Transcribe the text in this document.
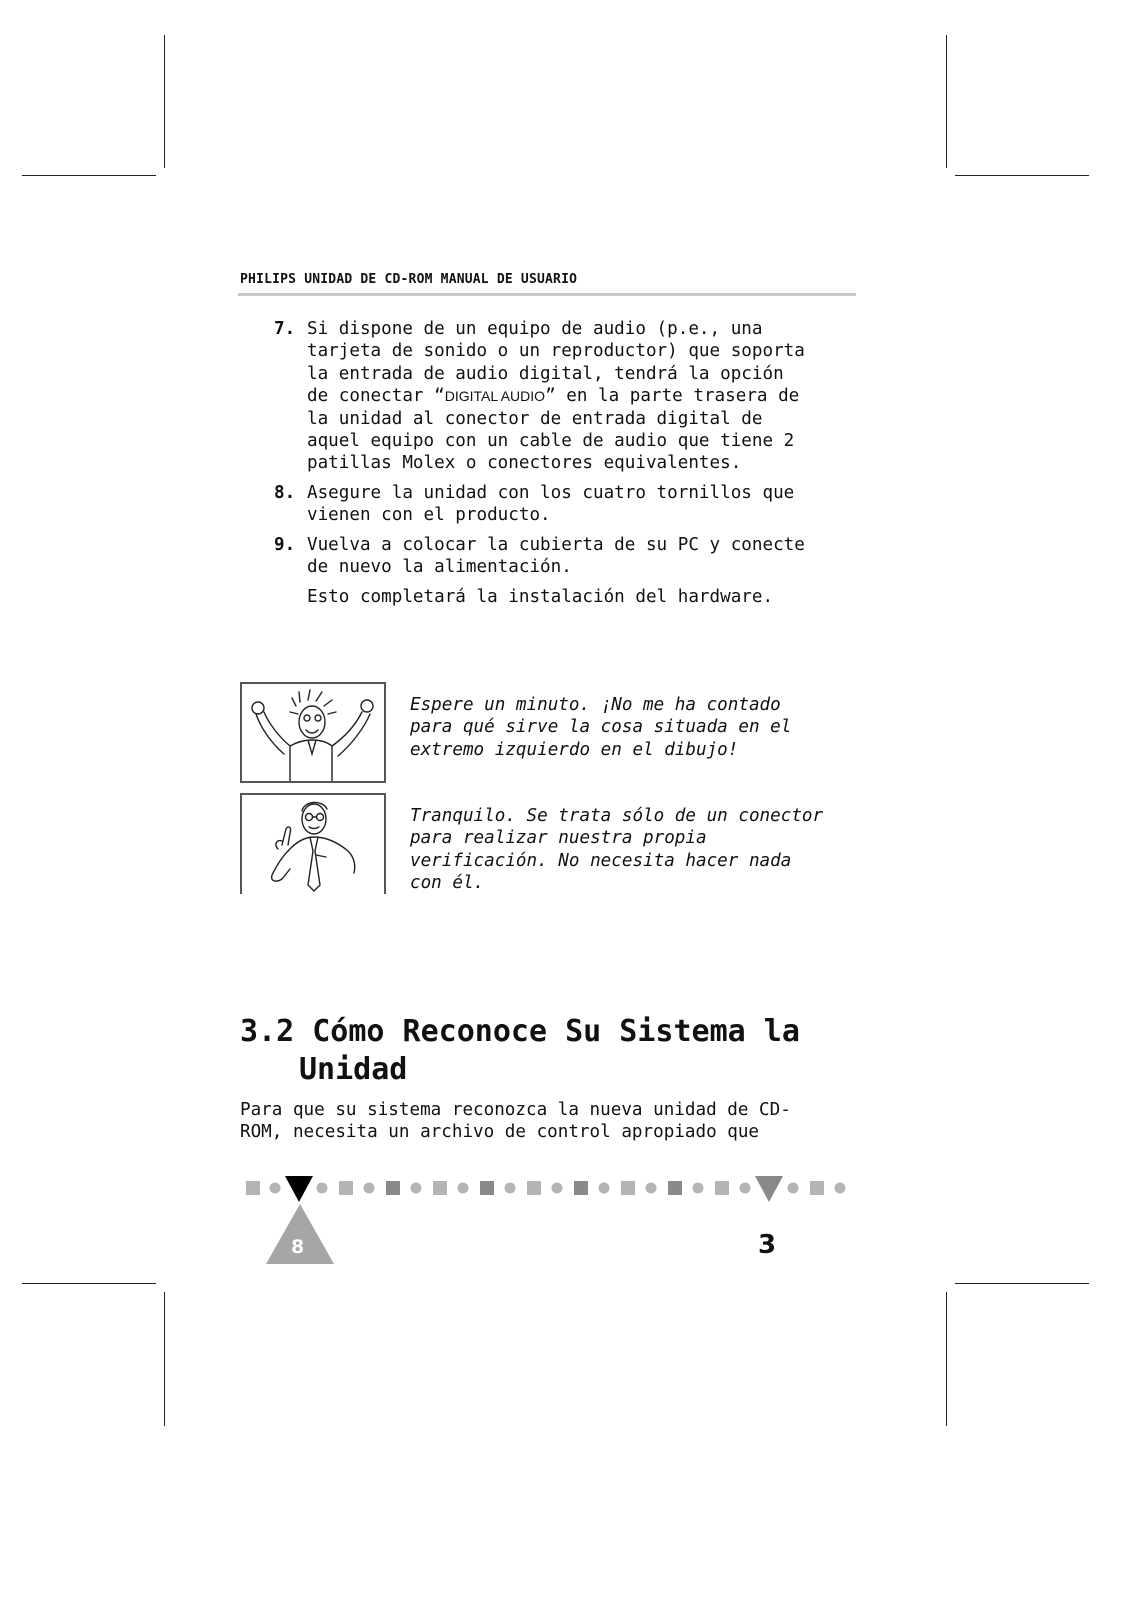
PHILIPS UNIDAD DE CD-ROM MANUAL DE USUARIO
7. Si dispone de un equipo de audio (p.e., una
tarjeta de sonido o un reproductor) que soporta
la entrada de audio digital, tendrá la opción
de conectar “DIGITAL AUDIO” en la parte trasera de
la unidad al conector de entrada digital de
aquel equipo con un cable de audio que tiene 2
patillas Molex o conectores equivalentes.
8. Asegure la unidad con los cuatro tornillos que
vienen con el producto.
9. Vuelva a colocar la cubierta de su PC y conecte
de nuevo la alimentación.
Esto completará la instalación del hardware.
Espere un minuto. ¡No me ha contado
para qué sirve la cosa situada en el
extremo izquierdo en el dibujo!
Tranquilo. Se trata sólo de un conector
para realizar nuestra propia
verificación. No necesita hacer nada
con él.
3.2 Cómo Reconoce Su Sistema la
Unidad
Para que su sistema reconozca la nueva unidad de CD-
ROM, necesita un archivo de control apropiado que
8	3
